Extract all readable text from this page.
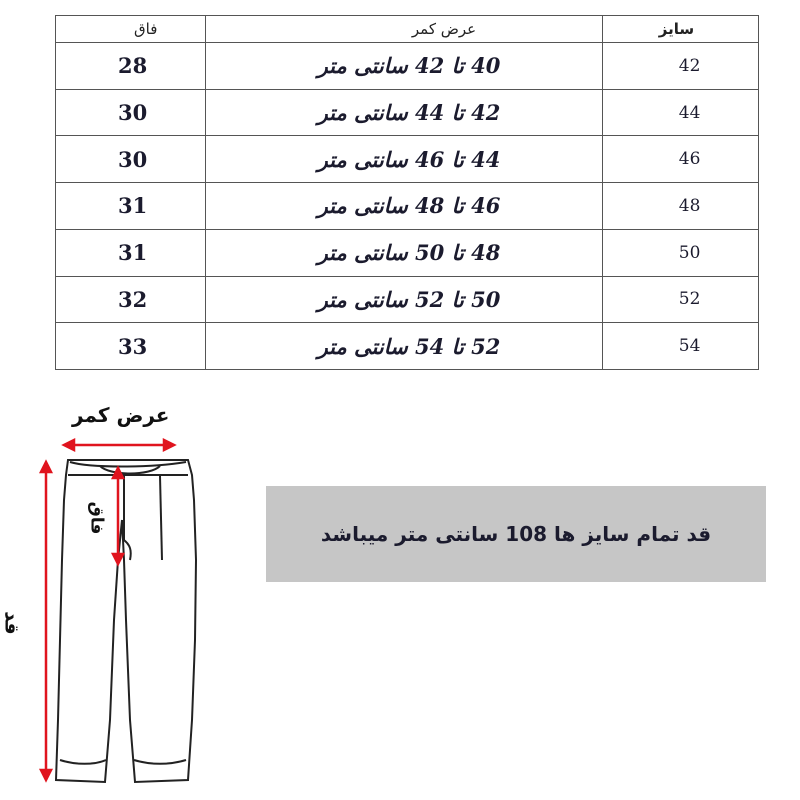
فاق	عرض کمر	سایز
28	40 تا 42 سانتی متر	42
30	42 تا 44 سانتی متر	44
30	44 تا 46 سانتی متر	46
31	46 تا 48 سانتی متر	48
31	48 تا 50 سانتی متر	50
32	50 تا 52 سانتی متر	52
33	52 تا 54 سانتی متر	54
عرض کمر
فاق
قد
قد تمام سایز ها 108 سانتی متر میباشد
